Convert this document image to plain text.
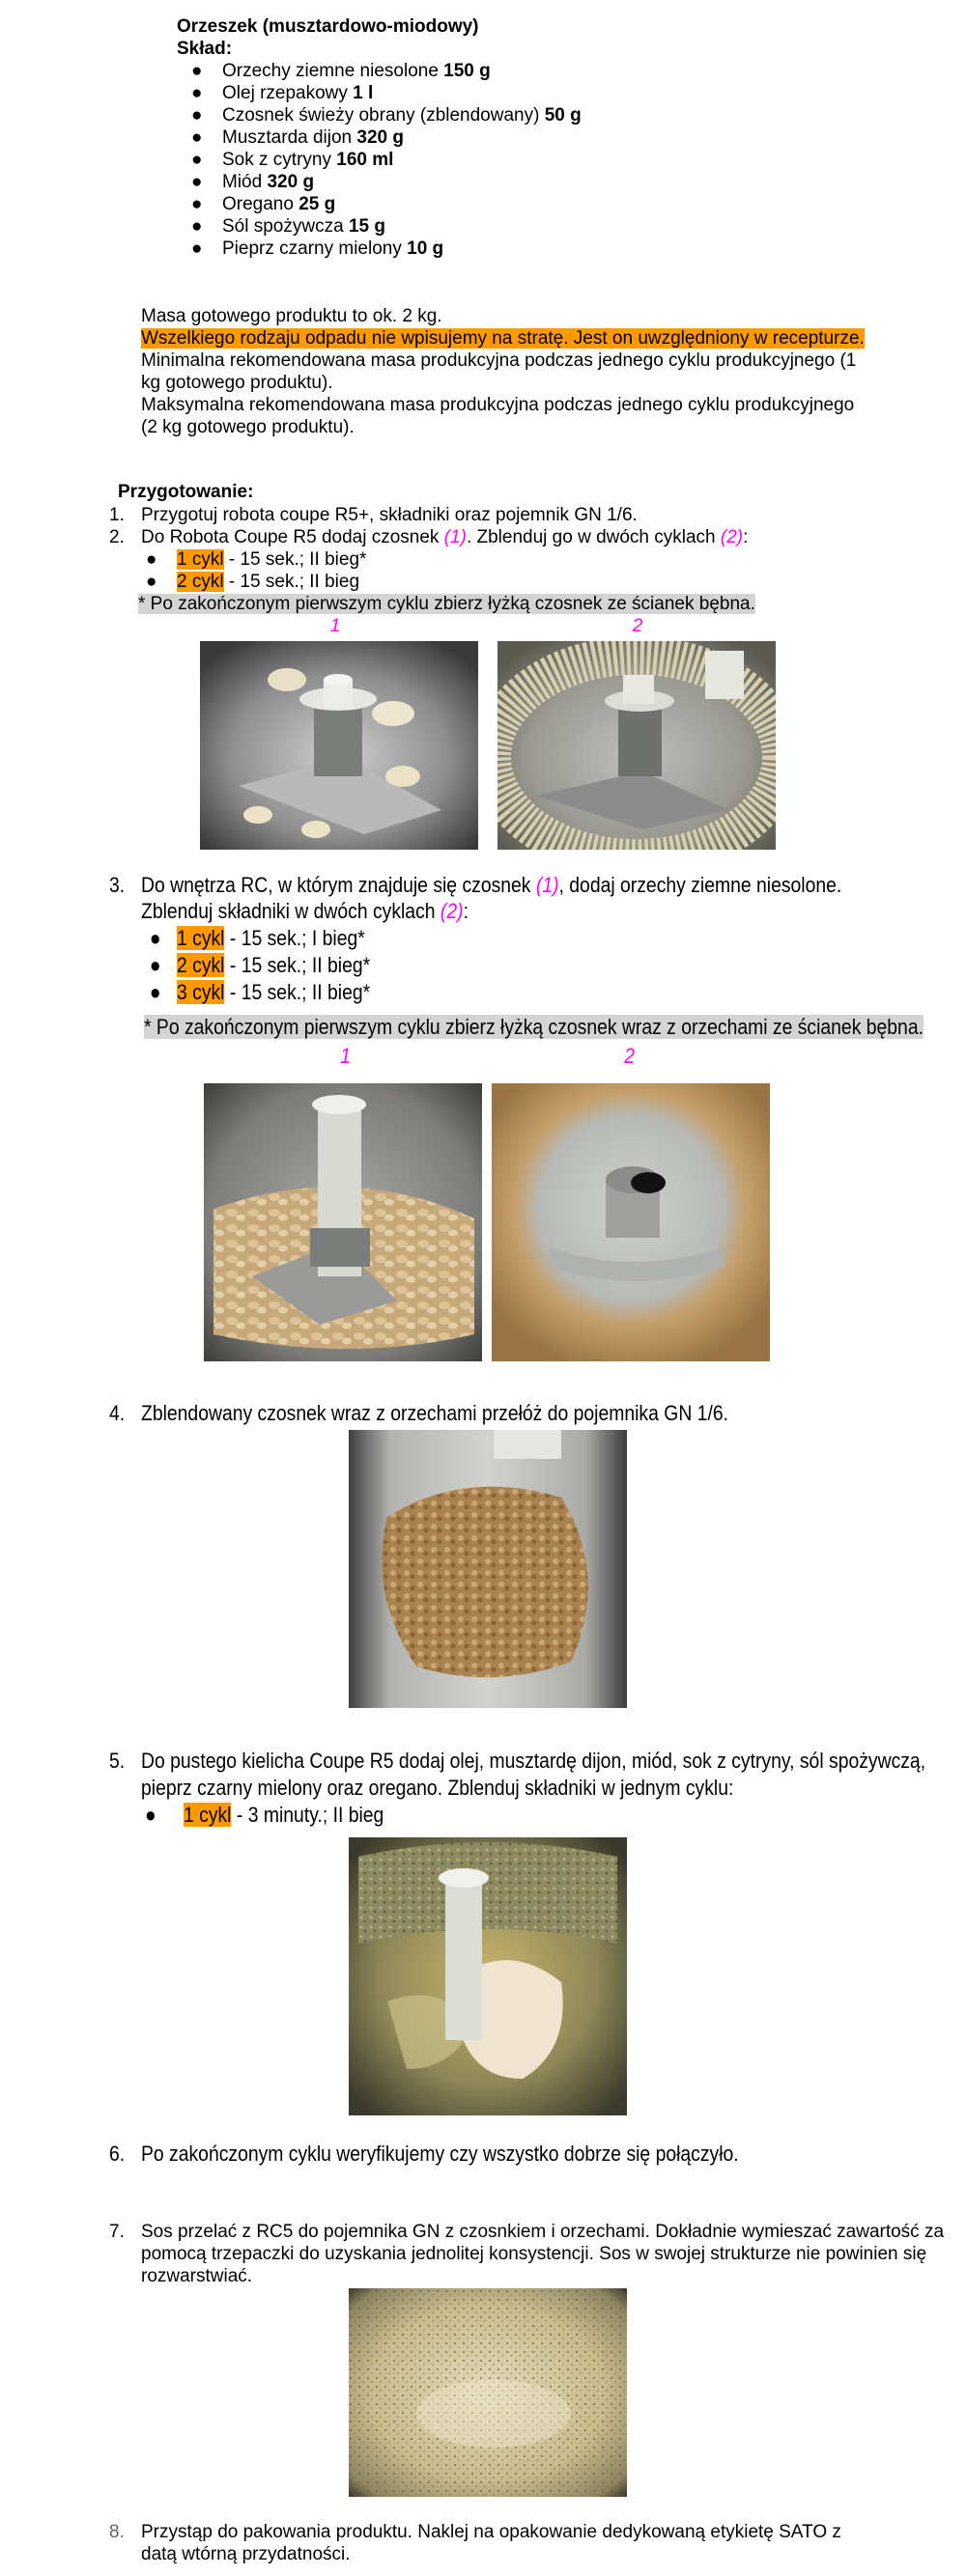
Orzeszek (musztardowo-miodowy)
Skład:
● Orzechy ziemne niesolone 150 g
● Olej rzepakowy 1 l
● Czosnek świeży obrany (zblendowany) 50 g
● Musztarda dijon 320 g
● Sok z cytryny 160 ml
● Miód 320 g
● Oregano 25 g
● Sól spożywcza 15 g
● Pieprz czarny mielony 10 g
Masa gotowego produktu to ok. 2 kg.
Wszelkiego rodzaju odpadu nie wpisujemy na stratę. Jest on uwzględniony w recepturze.
Minimalna rekomendowana masa produkcyjna podczas jednego cyklu produkcyjnego (1
kg gotowego produktu).
Maksymalna rekomendowana masa produkcyjna podczas jednego cyklu produkcyjnego
(2 kg gotowego produktu).
Przygotowanie:
1. Przygotuj robota coupe R5+, składniki oraz pojemnik GN 1/6.
2. Do Robota Coupe R5 dodaj czosnek (1). Zblenduj go w dwóch cyklach (2):
● 1 cykl - 15 sek.; II bieg*
● 2 cykl - 15 sek.; II bieg
* Po zakończonym pierwszym cyklu zbierz łyżką czosnek ze ścianek bębna.
1	2
3. Do wnętrza RC, w którym znajduje się czosnek (1), dodaj orzechy ziemne niesolone.
Zblenduj składniki w dwóch cyklach (2):
● 1 cykl - 15 sek.; I bieg*
● 2 cykl - 15 sek.; II bieg*
● 3 cykl - 15 sek.; II bieg*
* Po zakończonym pierwszym cyklu zbierz łyżką czosnek wraz z orzechami ze ścianek bębna.
1	2
4. Zblendowany czosnek wraz z orzechami przełóż do pojemnika GN 1/6.
5. Do pustego kielicha Coupe R5 dodaj olej, musztardę dijon, miód, sok z cytryny, sól spożywczą,
pieprz czarny mielony oraz oregano. Zblenduj składniki w jednym cyklu:
● 1 cykl - 3 minuty.; II bieg
6. Po zakończonym cyklu weryfikujemy czy wszystko dobrze się połączyło.
7. Sos przelać z RC5 do pojemnika GN z czosnkiem i orzechami. Dokładnie wymieszać zawartość za
pomocą trzepaczki do uzyskania jednolitej konsystencji. Sos w swojej strukturze nie powinien się
rozwarstwiać.
8. Przystąp do pakowania produktu. Naklej na opakowanie dedykowaną etykietę SATO z
datą wtórną przydatności.
